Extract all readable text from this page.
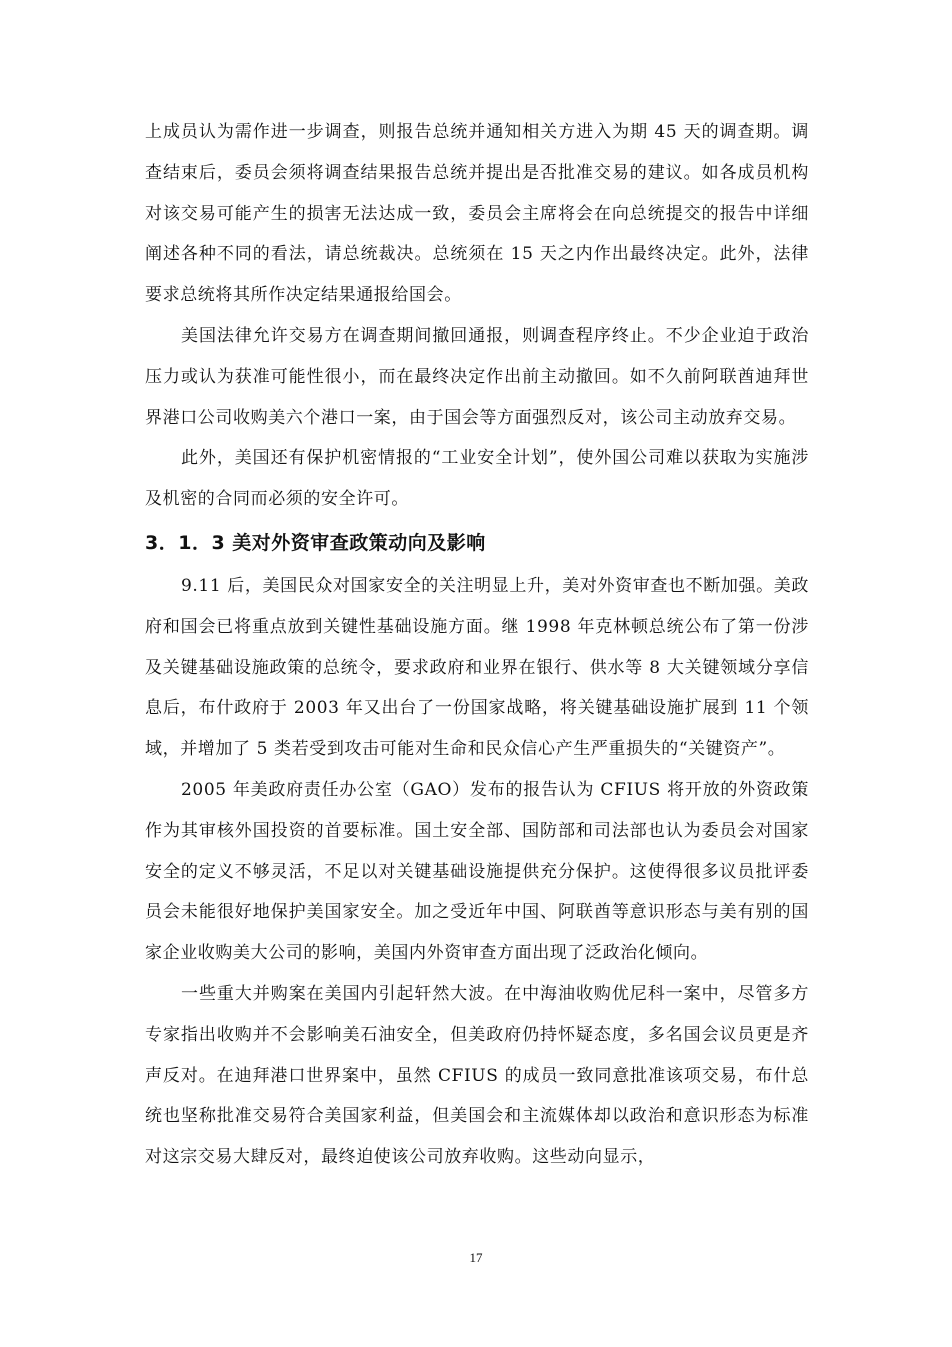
上成员认为需作进一步调查，则报告总统并通知相关方进入为期 45 天的调查期。调查结束后，委员会须将调查结果报告总统并提出是否批准交易的建议。如各成员机构对该交易可能产生的损害无法达成一致，委员会主席将会在向总统提交的报告中详细阐述各种不同的看法，请总统裁决。总统须在 15 天之内作出最终决定。此外，法律要求总统将其所作决定结果通报给国会。

美国法律允许交易方在调查期间撤回通报，则调查程序终止。不少企业迫于政治压力或认为获准可能性很小，而在最终决定作出前主动撤回。如不久前阿联酋迪拜世界港口公司收购美六个港口一案，由于国会等方面强烈反对，该公司主动放弃交易。

此外，美国还有保护机密情报的“工业安全计划”，使外国公司难以获取为实施涉及机密的合同而必须的安全许可。

3．1．3 美对外资审查政策动向及影响

9.11 后，美国民众对国家安全的关注明显上升，美对外资审查也不断加强。美政府和国会已将重点放到关键性基础设施方面。继 1998 年克林顿总统公布了第一份涉及关键基础设施政策的总统令，要求政府和业界在银行、供水等 8 大关键领域分享信息后，布什政府于 2003 年又出台了一份国家战略，将关键基础设施扩展到 11 个领域，并增加了 5 类若受到攻击可能对生命和民众信心产生严重损失的“关键资产”。

2005 年美政府责任办公室（GAO）发布的报告认为 CFIUS 将开放的外资政策作为其审核外国投资的首要标准。国土安全部、国防部和司法部也认为委员会对国家安全的定义不够灵活，不足以对关键基础设施提供充分保护。这使得很多议员批评委员会未能很好地保护美国家安全。加之受近年中国、阿联酋等意识形态与美有别的国家企业收购美大公司的影响，美国内外资审查方面出现了泛政治化倾向。

一些重大并购案在美国内引起轩然大波。在中海油收购优尼科一案中，尽管多方专家指出收购并不会影响美石油安全，但美政府仍持怀疑态度，多名国会议员更是齐声反对。在迪拜港口世界案中，虽然 CFIUS 的成员一致同意批准该项交易，布什总统也坚称批准交易符合美国家利益，但美国会和主流媒体却以政治和意识形态为标准对这宗交易大肆反对，最终迫使该公司放弃收购。这些动向显示，

17
